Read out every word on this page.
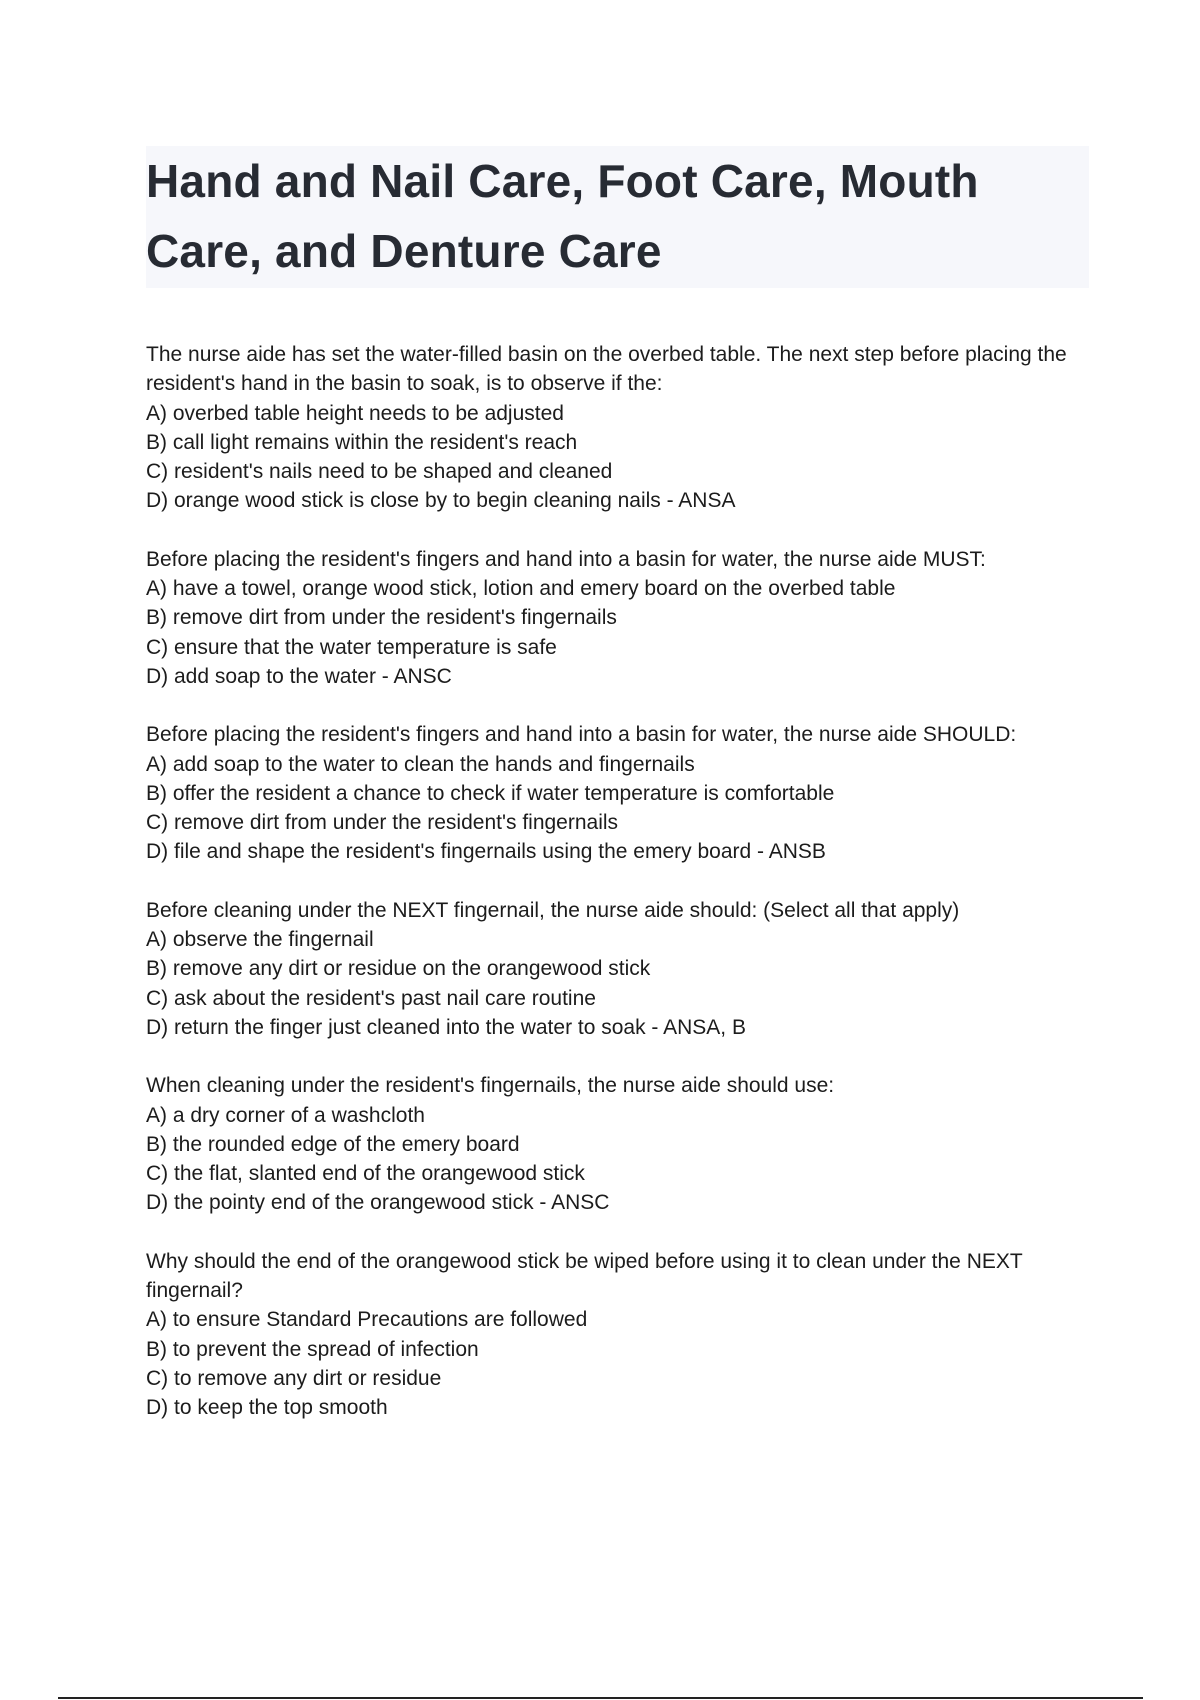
Hand and Nail Care, Foot Care, Mouth Care, and Denture Care
The nurse aide has set the water-filled basin on the overbed table. The next step before placing the resident's hand in the basin to soak, is to observe if the:
A) overbed table height needs to be adjusted
B) call light remains within the resident's reach
C) resident's nails need to be shaped and cleaned
D) orange wood stick is close by to begin cleaning nails - ANSA
Before placing the resident's fingers and hand into a basin for water, the nurse aide MUST:
A) have a towel, orange wood stick, lotion and emery board on the overbed table
B) remove dirt from under the resident's fingernails
C) ensure that the water temperature is safe
D) add soap to the water - ANSC
Before placing the resident's fingers and hand into a basin for water, the nurse aide SHOULD:
A) add soap to the water to clean the hands and fingernails
B) offer the resident a chance to check if water temperature is comfortable
C) remove dirt from under the resident's fingernails
D) file and shape the resident's fingernails using the emery board - ANSB
Before cleaning under the NEXT fingernail, the nurse aide should: (Select all that apply)
A) observe the fingernail
B) remove any dirt or residue on the orangewood stick
C) ask about the resident's past nail care routine
D) return the finger just cleaned into the water to soak - ANSA, B
When cleaning under the resident's fingernails, the nurse aide should use:
A) a dry corner of a washcloth
B) the rounded edge of the emery board
C) the flat, slanted end of the orangewood stick
D) the pointy end of the orangewood stick - ANSC
Why should the end of the orangewood stick be wiped before using it to clean under the NEXT fingernail?
A) to ensure Standard Precautions are followed
B) to prevent the spread of infection
C) to remove any dirt or residue
D) to keep the top smooth
